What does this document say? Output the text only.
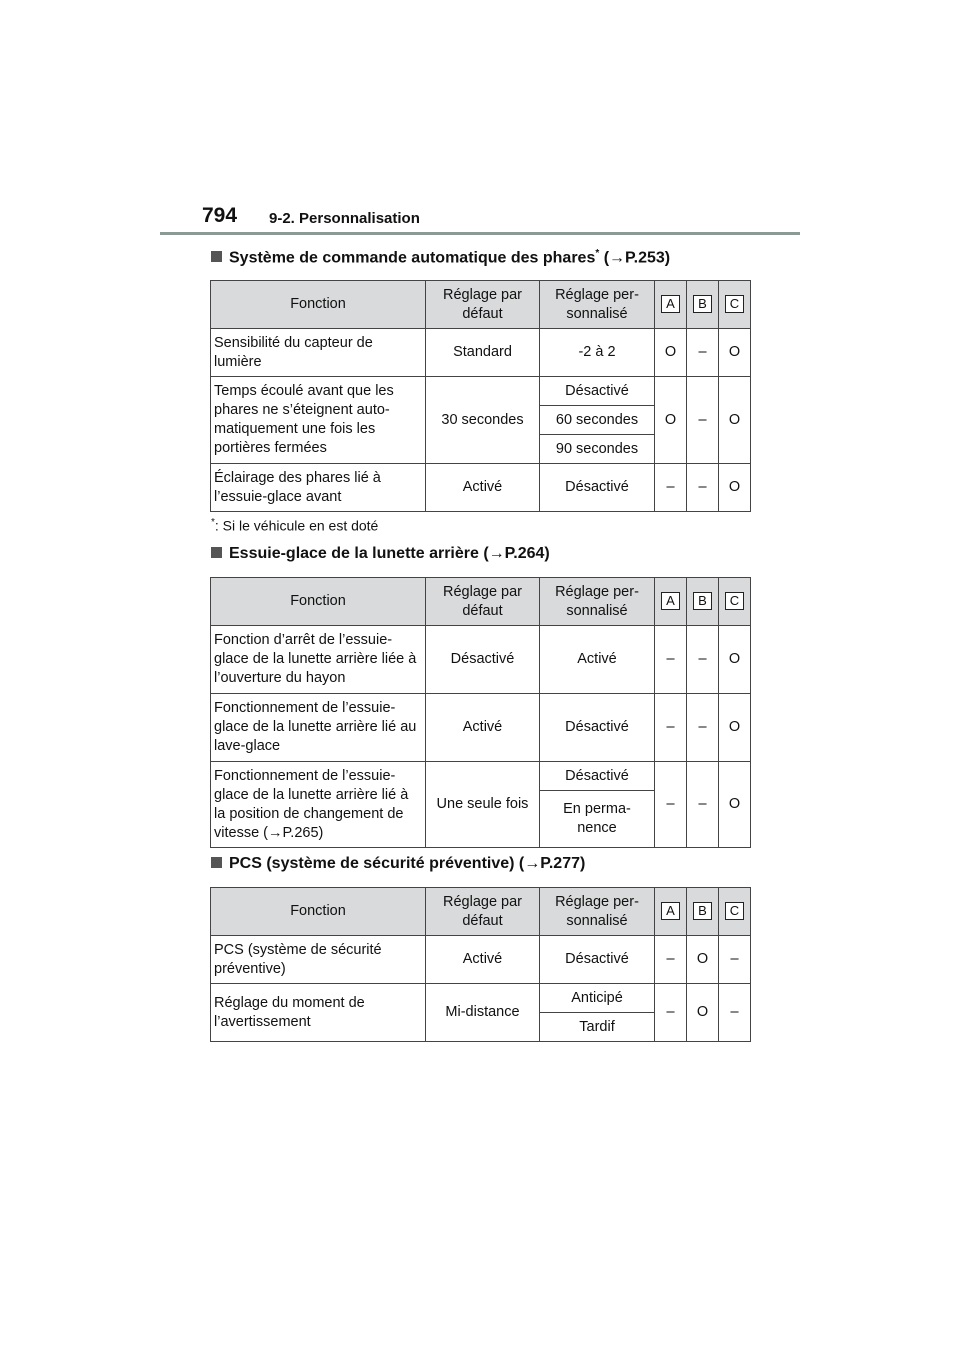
794 9-2. Personnalisation
Système de commande automatique des phares* (→P.253)
Fonction	Réglage par défaut	Réglage per-sonnalisé	A	B	C
Sensibilité du capteur de lumière	Standard	-2 à 2	O	–	O
Temps écoulé avant que les phares ne s’éteignent auto-matiquement une fois les portières fermées	30 secondes	Désactivé	O	–	O
		60 secondes			
		90 secondes			
Éclairage des phares lié à l’essuie-glace avant	Activé	Désactivé	–	–	O
*: Si le véhicule en est doté
Essuie-glace de la lunette arrière (→P.264)
Fonction	Réglage par défaut	Réglage per-sonnalisé	A	B	C
Fonction d’arrêt de l’essuie-glace de la lunette arrière liée à l’ouverture du hayon	Désactivé	Activé	–	–	O
Fonctionnement de l’essuie-glace de la lunette arrière lié au lave-glace	Activé	Désactivé	–	–	O
Fonctionnement de l’essuie-glace de la lunette arrière lié à la position de changement de vitesse (→P.265)	Une seule fois	Désactivé	–	–	O
		En perma-nence			
PCS (système de sécurité préventive) (→P.277)
Fonction	Réglage par défaut	Réglage per-sonnalisé	A	B	C
PCS (système de sécurité préventive)	Activé	Désactivé	–	O	–
Réglage du moment de l’avertissement	Mi-distance	Anticipé	–	O	–
		Tardif			
